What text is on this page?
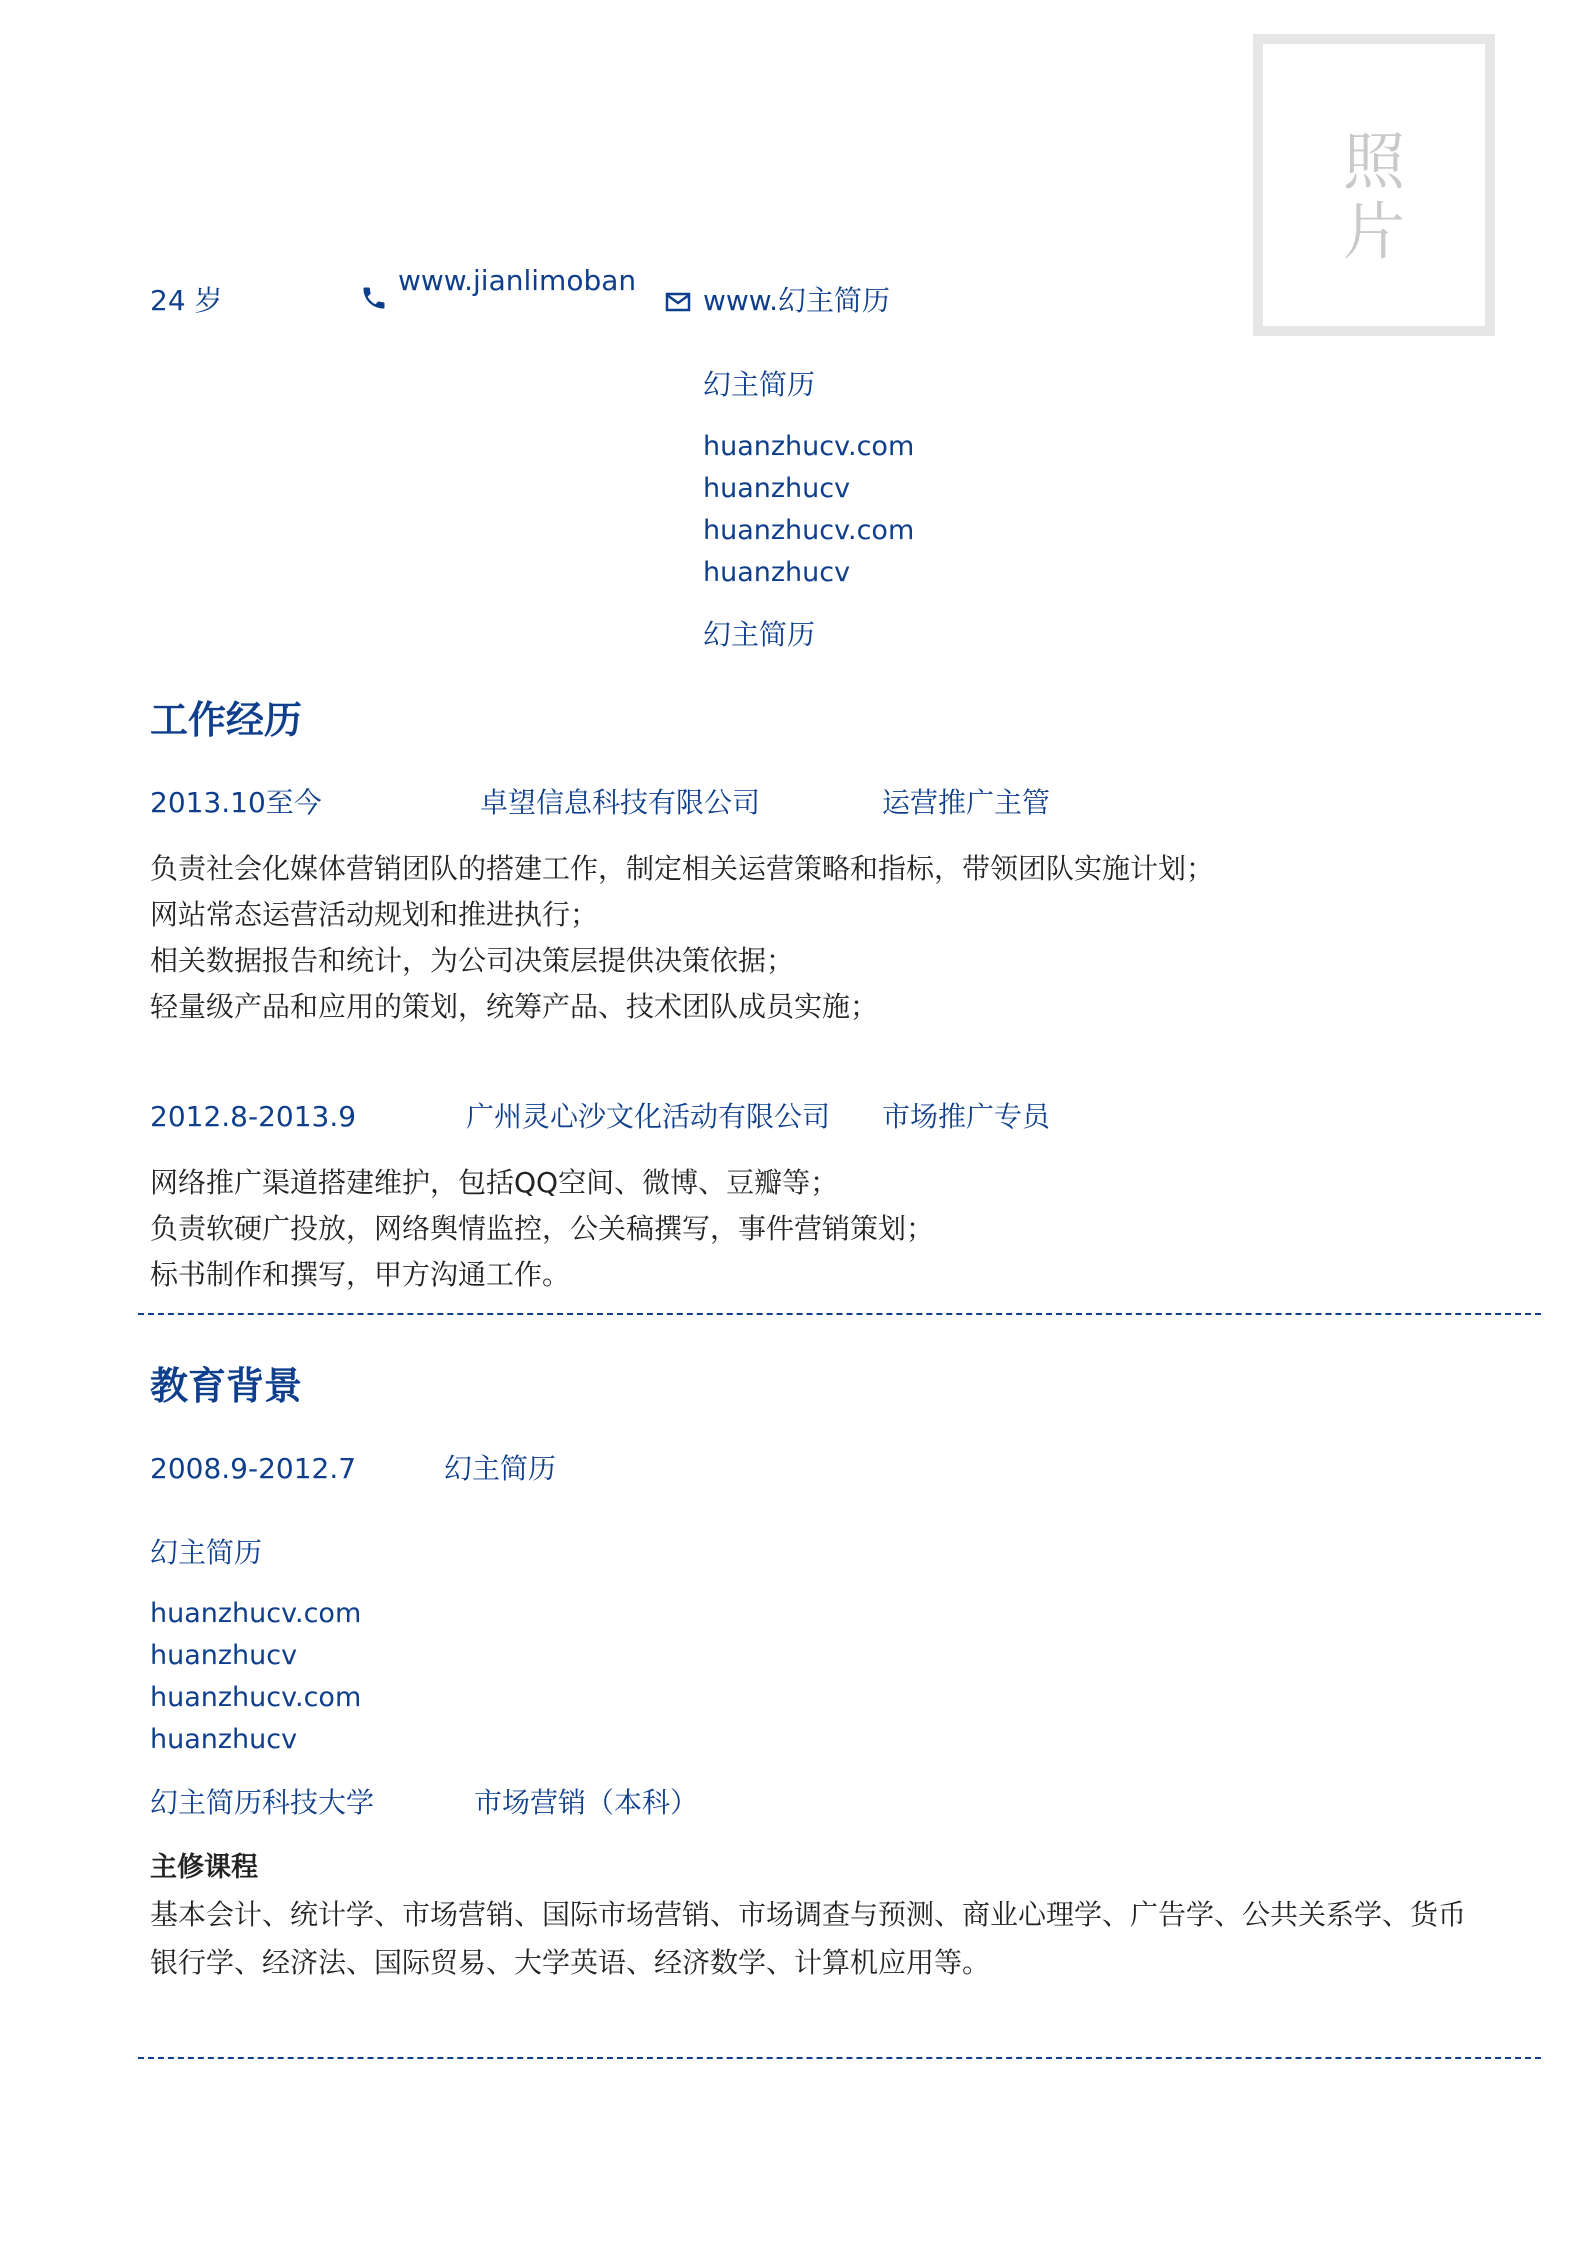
照
片
24 岁
www.jianlimoban
www.幻主简历
幻主简历
huanzhucv.com
huanzhucv
huanzhucv.com
huanzhucv
幻主简历
工作经历
2013.10至今	卓望信息科技有限公司	运营推广主管
负责社会化媒体营销团队的搭建工作，制定相关运营策略和指标，带领团队实施计划；
网站常态运营活动规划和推进执行；
相关数据报告和统计，为公司决策层提供决策依据；
轻量级产品和应用的策划，统筹产品、技术团队成员实施；
2012.8-2013.9	广州灵心沙文化活动有限公司 市场推广专员
网络推广渠道搭建维护，包括QQ空间、微博、豆瓣等；
负责软硬广投放，网络舆情监控，公关稿撰写，事件营销策划；
标书制作和撰写，甲方沟通工作。
教育背景
2008.9-2012.7	幻主简历
幻主简历
huanzhucv.com
huanzhucv
huanzhucv.com
huanzhucv
幻主简历科技大学	市场营销（本科）
主修课程
基本会计、统计学、市场营销、国际市场营销、市场调查与预测、商业心理学、广告学、公共关系学、货币
银行学、经济法、国际贸易、大学英语、经济数学、计算机应用等。
